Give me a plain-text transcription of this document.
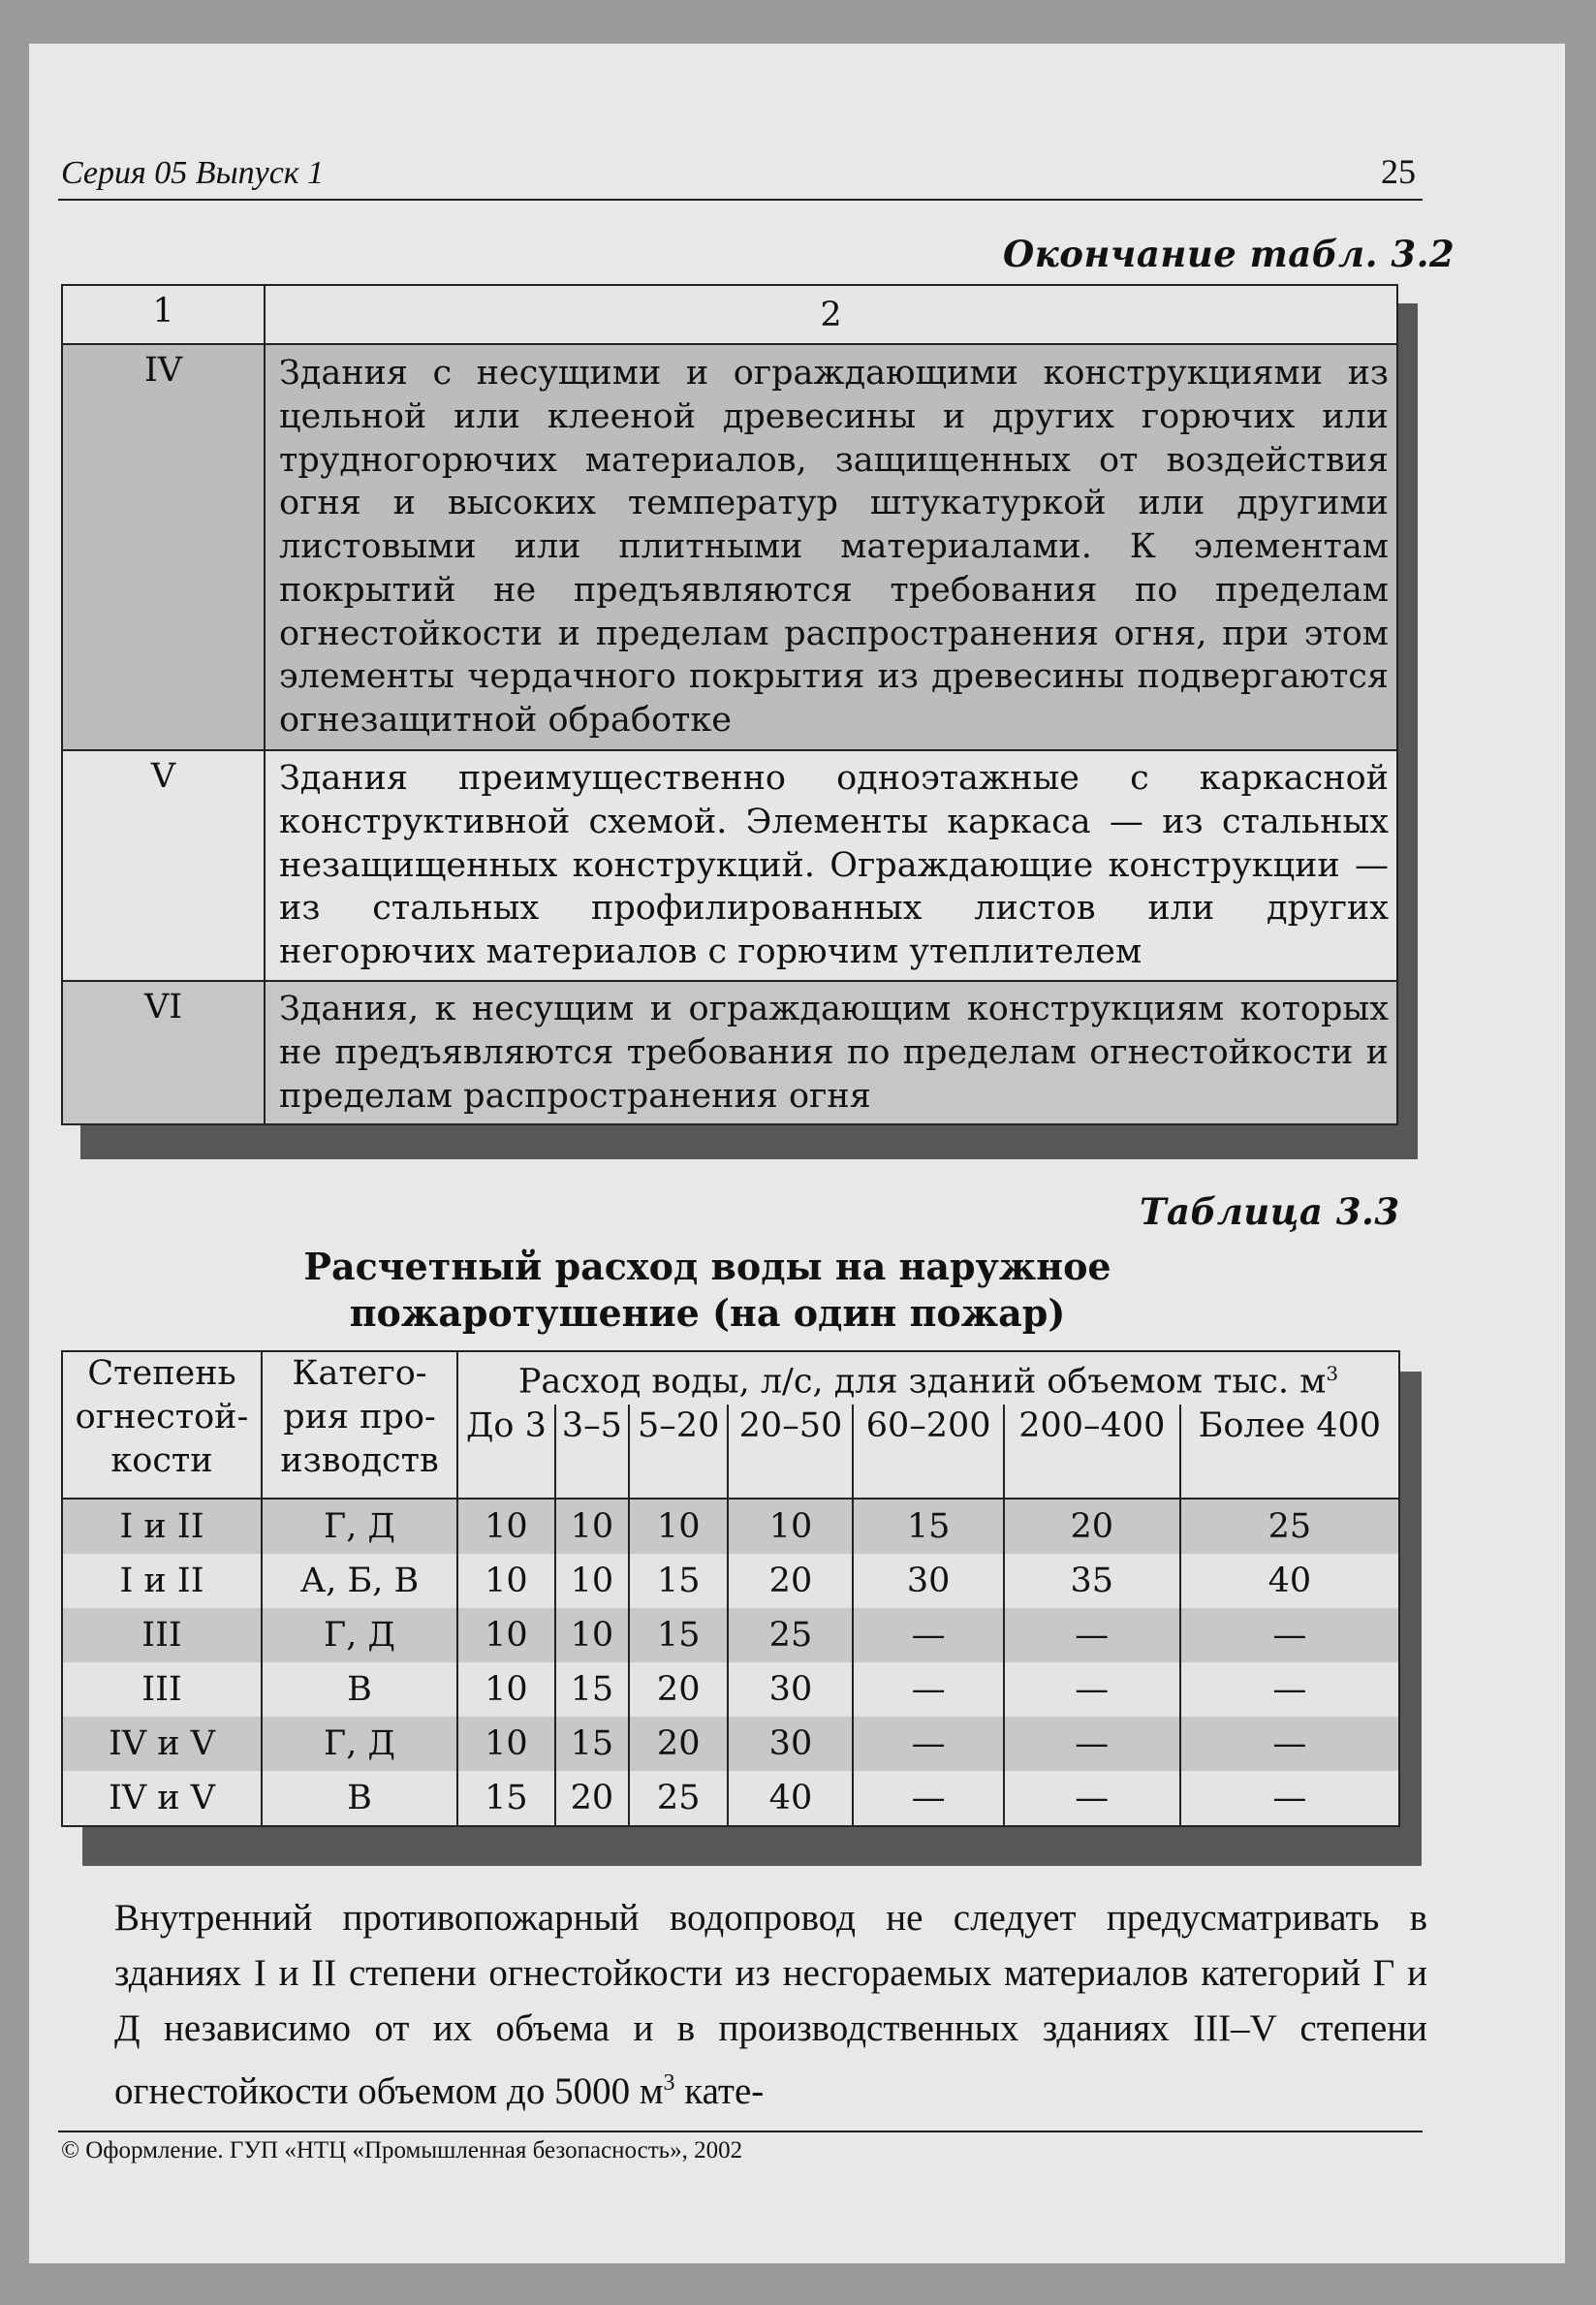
Серия 05 Выпуск 1	25
Окончание табл. 3.2
1	2
IV	Здания с несущими и ограждающими конструкциями из цельной или клееной древесины и других горючих или трудногорючих материалов, защищенных от воздействия огня и высоких температур штукатуркой или другими листовыми или плитными материалами. К элементам покрытий не предъявляются требования по пределам огнестойкости и пределам распространения огня, при этом элементы чердачного покрытия из древесины подвергаются огнезащитной обработке
V	Здания преимущественно одноэтажные с каркасной конструктивной схемой. Элементы каркаса — из стальных незащищенных конструкций. Ограждающие конструкции — из стальных профилированных листов или других негорючих материалов с горючим утеплителем
VI	Здания, к несущим и ограждающим конструкциям которых не предъявляются требования по пределам огнестойкости и пределам распространения огня
Таблица 3.3
Расчетный расход воды на наружное пожаротушение (на один пожар)
Степень огнестой-кости	Катего-рия про-изводств	Расход воды, л/с, для зданий объемом тыс. $м^3$
		До 3	3–5	5–20	20–50	60–200	200–400	Более 400
I и II	Г, Д	10	10	10	10	15	20	25
I и II	А, Б, В	10	10	15	20	30	35	40
III	Г, Д	10	10	15	25	—	—	—
III	В	10	15	20	30	—	—	—
IV и V	Г, Д	10	15	20	30	—	—	—
IV и V	В	15	20	25	40	—	—	—

Внутренний противопожарный водопровод не следует предусматривать в зданиях I и II степени огнестойкости из несгораемых материалов категорий Г и Д независимо от их объема и в производственных зданиях III–V степени огнестойкости объемом до 5000 $м^3$ кате-

© Оформление. ГУП «НТЦ «Промышленная безопасность», 2002
